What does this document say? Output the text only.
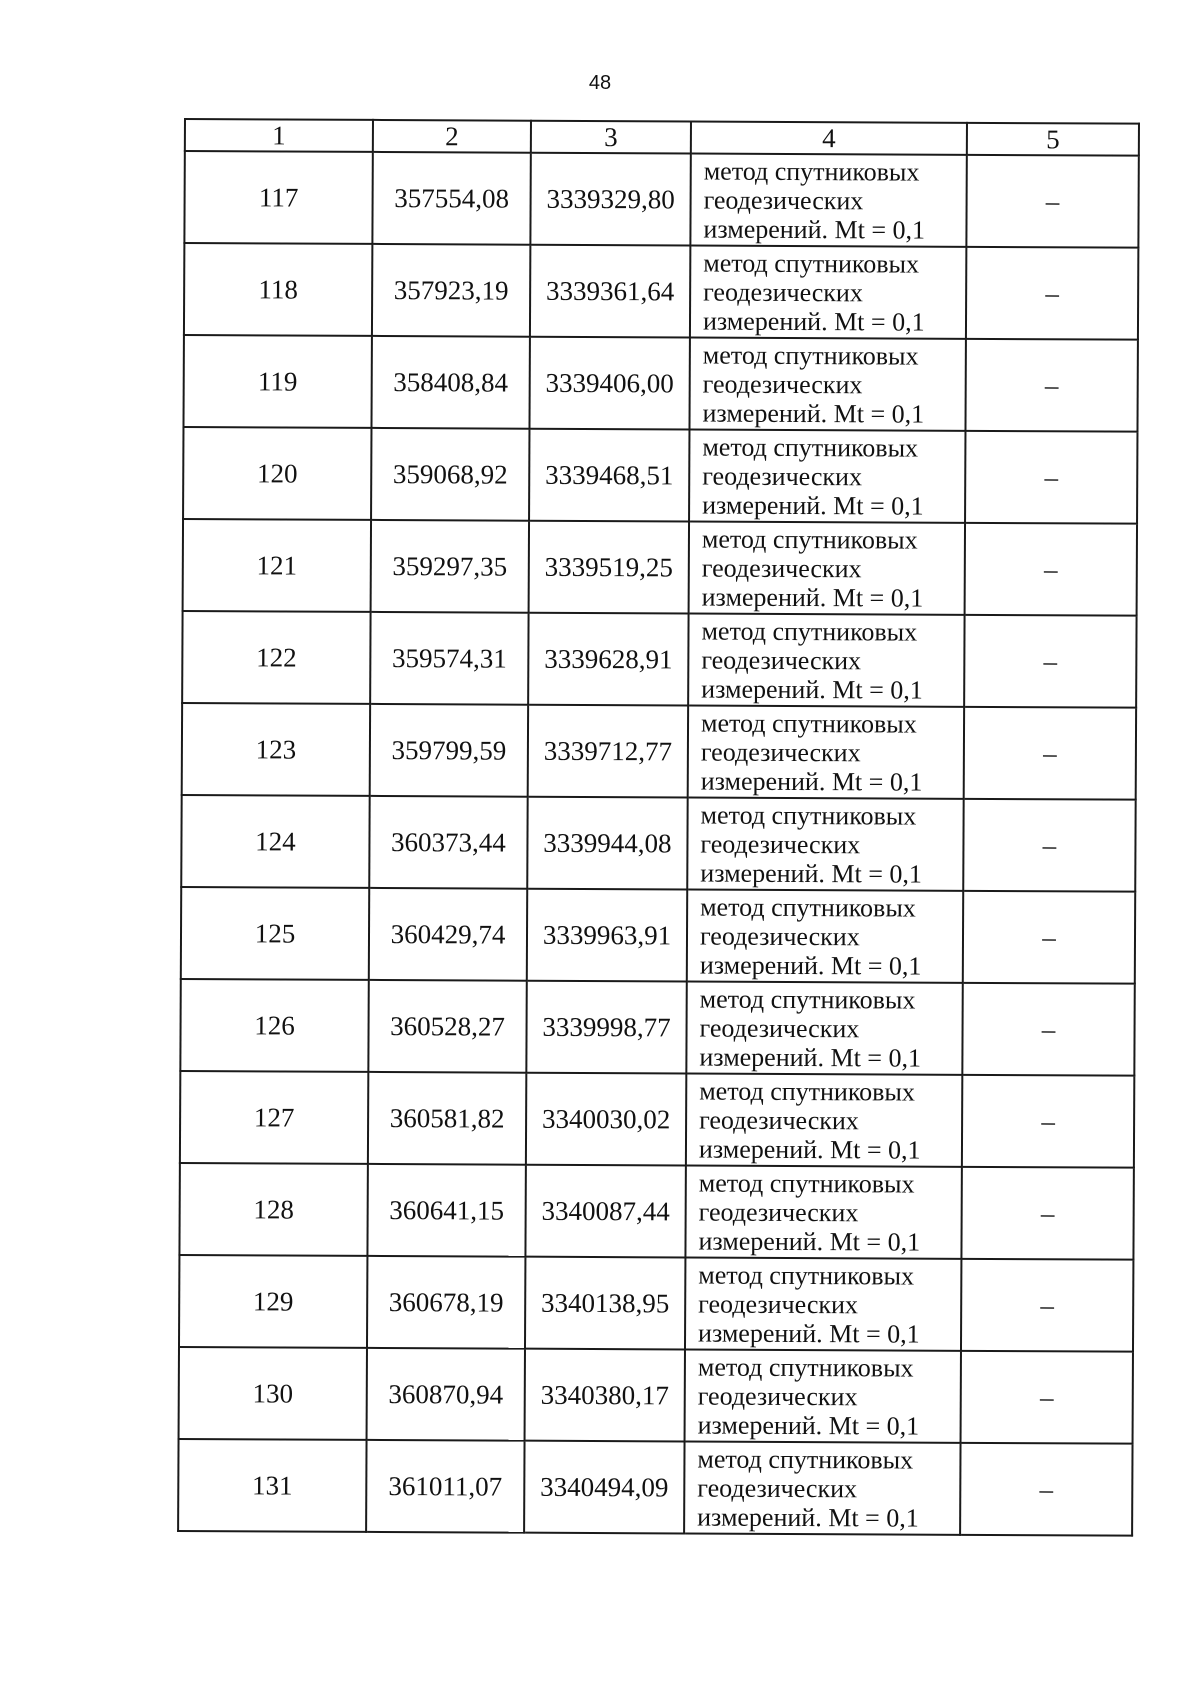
48
1	2	3	4	5
117	357554,08	3339329,80	метод спутниковых
геодезических
измерений. Mt = 0,1	–
118	357923,19	3339361,64	метод спутниковых
геодезических
измерений. Mt = 0,1	–
119	358408,84	3339406,00	метод спутниковых
геодезических
измерений. Mt = 0,1	–
120	359068,92	3339468,51	метод спутниковых
геодезических
измерений. Mt = 0,1	–
121	359297,35	3339519,25	метод спутниковых
геодезических
измерений. Mt = 0,1	–
122	359574,31	3339628,91	метод спутниковых
геодезических
измерений. Mt = 0,1	–
123	359799,59	3339712,77	метод спутниковых
геодезических
измерений. Mt = 0,1	–
124	360373,44	3339944,08	метод спутниковых
геодезических
измерений. Mt = 0,1	–
125	360429,74	3339963,91	метод спутниковых
геодезических
измерений. Mt = 0,1	–
126	360528,27	3339998,77	метод спутниковых
геодезических
измерений. Mt = 0,1	–
127	360581,82	3340030,02	метод спутниковых
геодезических
измерений. Mt = 0,1	–
128	360641,15	3340087,44	метод спутниковых
геодезических
измерений. Mt = 0,1	–
129	360678,19	3340138,95	метод спутниковых
геодезических
измерений. Mt = 0,1	–
130	360870,94	3340380,17	метод спутниковых
геодезических
измерений. Mt = 0,1	–
131	361011,07	3340494,09	метод спутниковых
геодезических
измерений. Mt = 0,1	–
